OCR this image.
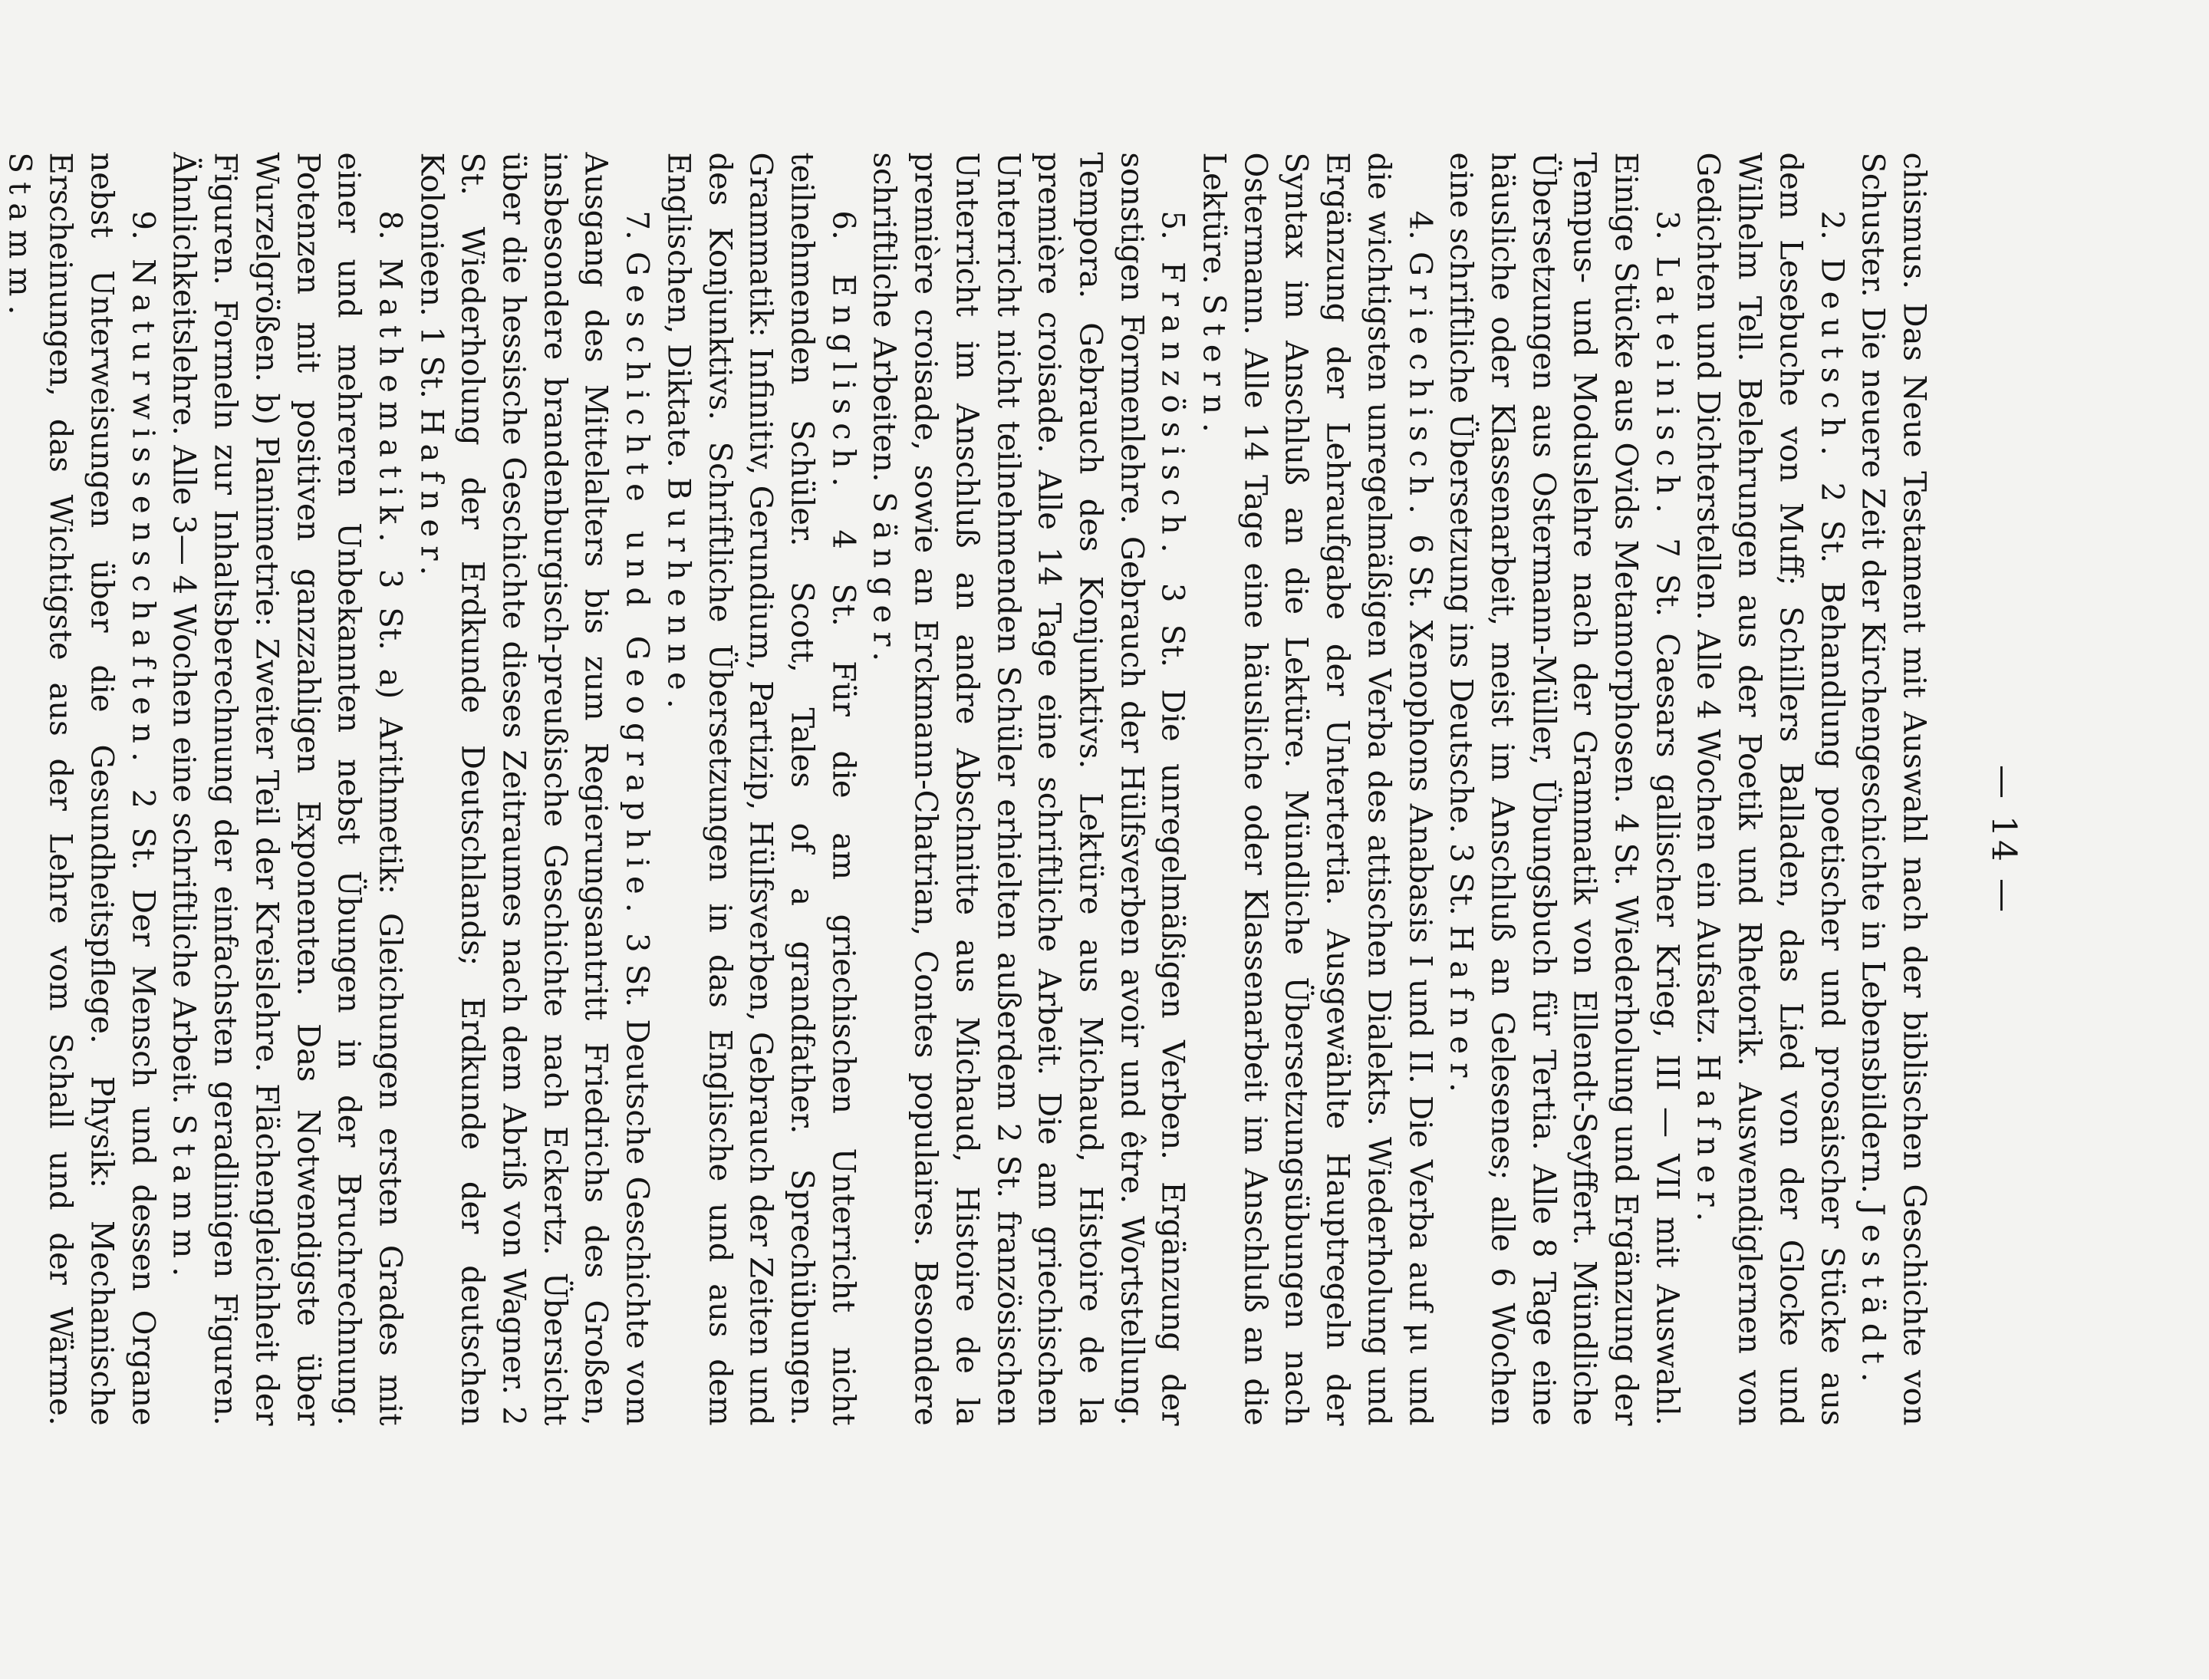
— 14 —

chismus. Das Neue Testament mit Auswahl nach der biblischen Geschichte von Schuster. Die neuere Zeit der Kirchengeschichte in Lebensbildern. Jestädt.

2. Deutsch. 2 St. Behandlung poetischer und prosaischer Stücke aus dem Lesebuche von Muff; Schillers Balladen, das Lied von der Glocke und Wilhelm Tell. Belehrungen aus der Poetik und Rhetorik. Auswendiglernen von Gedichten und Dichterstellen. Alle 4 Wochen ein Aufsatz. Hafner.

3. Lateinisch. 7 St. Caesars gallischer Krieg, III — VII mit Auswahl. Einige Stücke aus Ovids Metamorphosen. 4 St. Wiederholung und Ergänzung der Tempus- und Moduslehre nach der Grammatik von Ellendt-Seyffert. Mündliche Übersetzungen aus Ostermann-Müller, Übungsbuch für Tertia. Alle 8 Tage eine häusliche oder Klassenarbeit, meist im Anschluß an Gelesenes; alle 6 Wochen eine schriftliche Übersetzung ins Deutsche. 3 St. Hafner.

4. Griechisch. 6 St. Xenophons Anabasis I und II. Die Verba auf μι und die wichtigsten unregelmäßigen Verba des attischen Dialekts. Wiederholung und Ergänzung der Lehraufgabe der Untertertia. Ausgewählte Hauptregeln der Syntax im Anschluß an die Lektüre. Mündliche Übersetzungsübungen nach Ostermann. Alle 14 Tage eine häusliche oder Klassenarbeit im Anschluß an die Lektüre. Stern.

5. Französisch. 3 St. Die unregelmäßigen Verben. Ergänzung der sonstigen Formenlehre. Gebrauch der Hülfsverben avoir und être. Wortstellung. Tempora. Gebrauch des Konjunktivs. Lektüre aus Michaud, Histoire de la première croisade. Alle 14 Tage eine schriftliche Arbeit. Die am griechischen Unterricht nicht teilnehmenden Schüler erhielten außerdem 2 St. französischen Unterricht im Anschluß an andre Abschnitte aus Michaud, Histoire de la première croisade, sowie an Erckmann-Chatrian, Contes populaires. Besondere schriftliche Arbeiten. Sänger.

6. Englisch. 4 St. Für die am griechischen Unterricht nicht teilnehmenden Schüler. Scott, Tales of a grandfather. Sprechübungen. Grammatik: Infinitiv, Gerundium, Partizip, Hülfsverben, Gebrauch der Zeiten und des Konjunktivs. Schriftliche Übersetzungen in das Englische und aus dem Englischen, Diktate. Burhenne.

7. Geschichte und Geographie. 3 St. Deutsche Geschichte vom Ausgang des Mittelalters bis zum Regierungsantritt Friedrichs des Großen, insbesondere brandenburgisch-preußische Geschichte nach Eckertz. Übersicht über die hessische Geschichte dieses Zeitraumes nach dem Abriß von Wagner. 2 St. Wiederholung der Erdkunde Deutschlands; Erdkunde der deutschen Kolonieen. 1 St. Hafner.

8. Mathematik. 3 St. a) Arithmetik: Gleichungen ersten Grades mit einer und mehreren Unbekannten nebst Übungen in der Bruchrechnung. Potenzen mit positiven ganzzahligen Exponenten. Das Notwendigste über Wurzelgrößen. b) Planimetrie: Zweiter Teil der Kreislehre. Flächengleichheit der Figuren. Formeln zur Inhaltsberechnung der einfachsten geradlinigen Figuren. Ähnlichkeitslehre. Alle 3— 4 Wochen eine schriftliche Arbeit. Stamm.

9. Naturwissenschaften. 2 St. Der Mensch und dessen Organe nebst Unterweisungen über die Gesundheitspflege. Physik: Mechanische Erscheinungen, das Wichtigste aus der Lehre vom Schall und der Wärme. Stamm.
